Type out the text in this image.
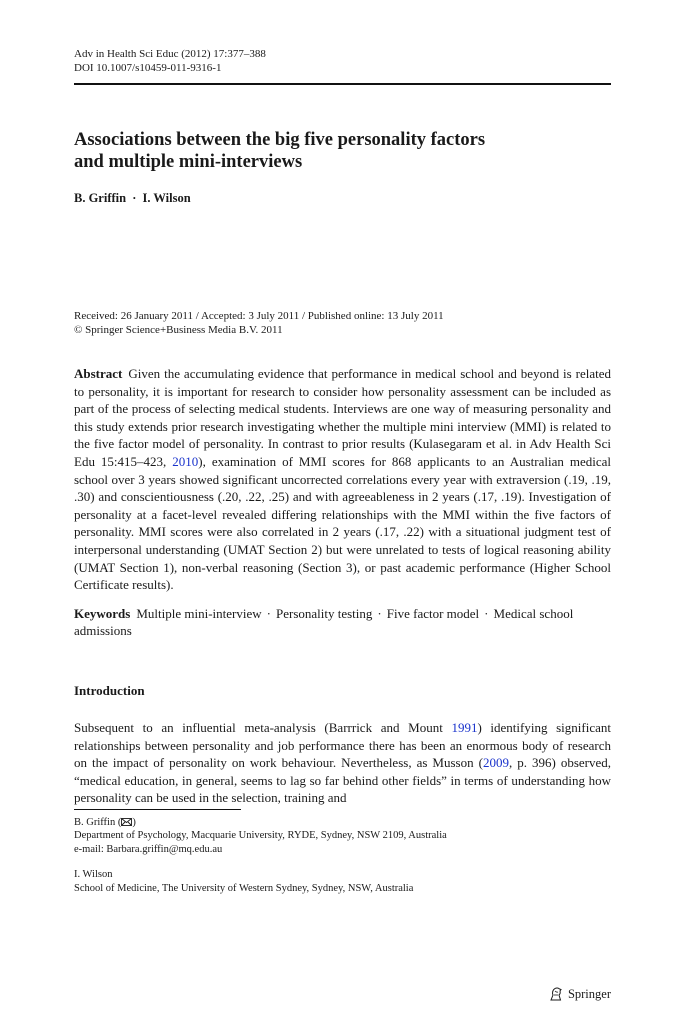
Adv in Health Sci Educ (2012) 17:377–388
DOI 10.1007/s10459-011-9316-1
Associations between the big five personality factors
and multiple mini-interviews
B. Griffin · I. Wilson
Received: 26 January 2011 / Accepted: 3 July 2011 / Published online: 13 July 2011
© Springer Science+Business Media B.V. 2011
Abstract Given the accumulating evidence that performance in medical school and beyond is related to personality, it is important for research to consider how personality assessment can be included as part of the process of selecting medical students. Interviews are one way of measuring personality and this study extends prior research investigating whether the multiple mini interview (MMI) is related to the five factor model of personality. In contrast to prior results (Kulasegaram et al. in Adv Health Sci Edu 15:415–423, 2010), examination of MMI scores for 868 applicants to an Australian medical school over 3 years showed significant uncorrected correlations every year with extraversion (.19, .19, .30) and conscientiousness (.20, .22, .25) and with agreeableness in 2 years (.17, .19). Investigation of personality at a facet-level revealed differing relationships with the MMI within the five factors of personality. MMI scores were also correlated in 2 years (.17, .22) with a situational judgment test of interpersonal understanding (UMAT Section 2) but were unrelated to tests of logical reasoning ability (UMAT Section 1), non-verbal reasoning (Section 3), or past academic performance (Higher School Certificate results).
Keywords Multiple mini-interview · Personality testing · Five factor model · Medical school admissions
Introduction
Subsequent to an influential meta-analysis (Barrrick and Mount 1991) identifying significant relationships between personality and job performance there has been an enormous body of research on the impact of personality on work behaviour. Nevertheless, as Musson (2009, p. 396) observed, “medical education, in general, seems to lag so far behind other fields” in terms of understanding how personality can be used in the selection, training and
B. Griffin ( )
Department of Psychology, Macquarie University, RYDE, Sydney, NSW 2109, Australia
e-mail: Barbara.griffin@mq.edu.au
I. Wilson
School of Medicine, The University of Western Sydney, Sydney, NSW, Australia
Springer
